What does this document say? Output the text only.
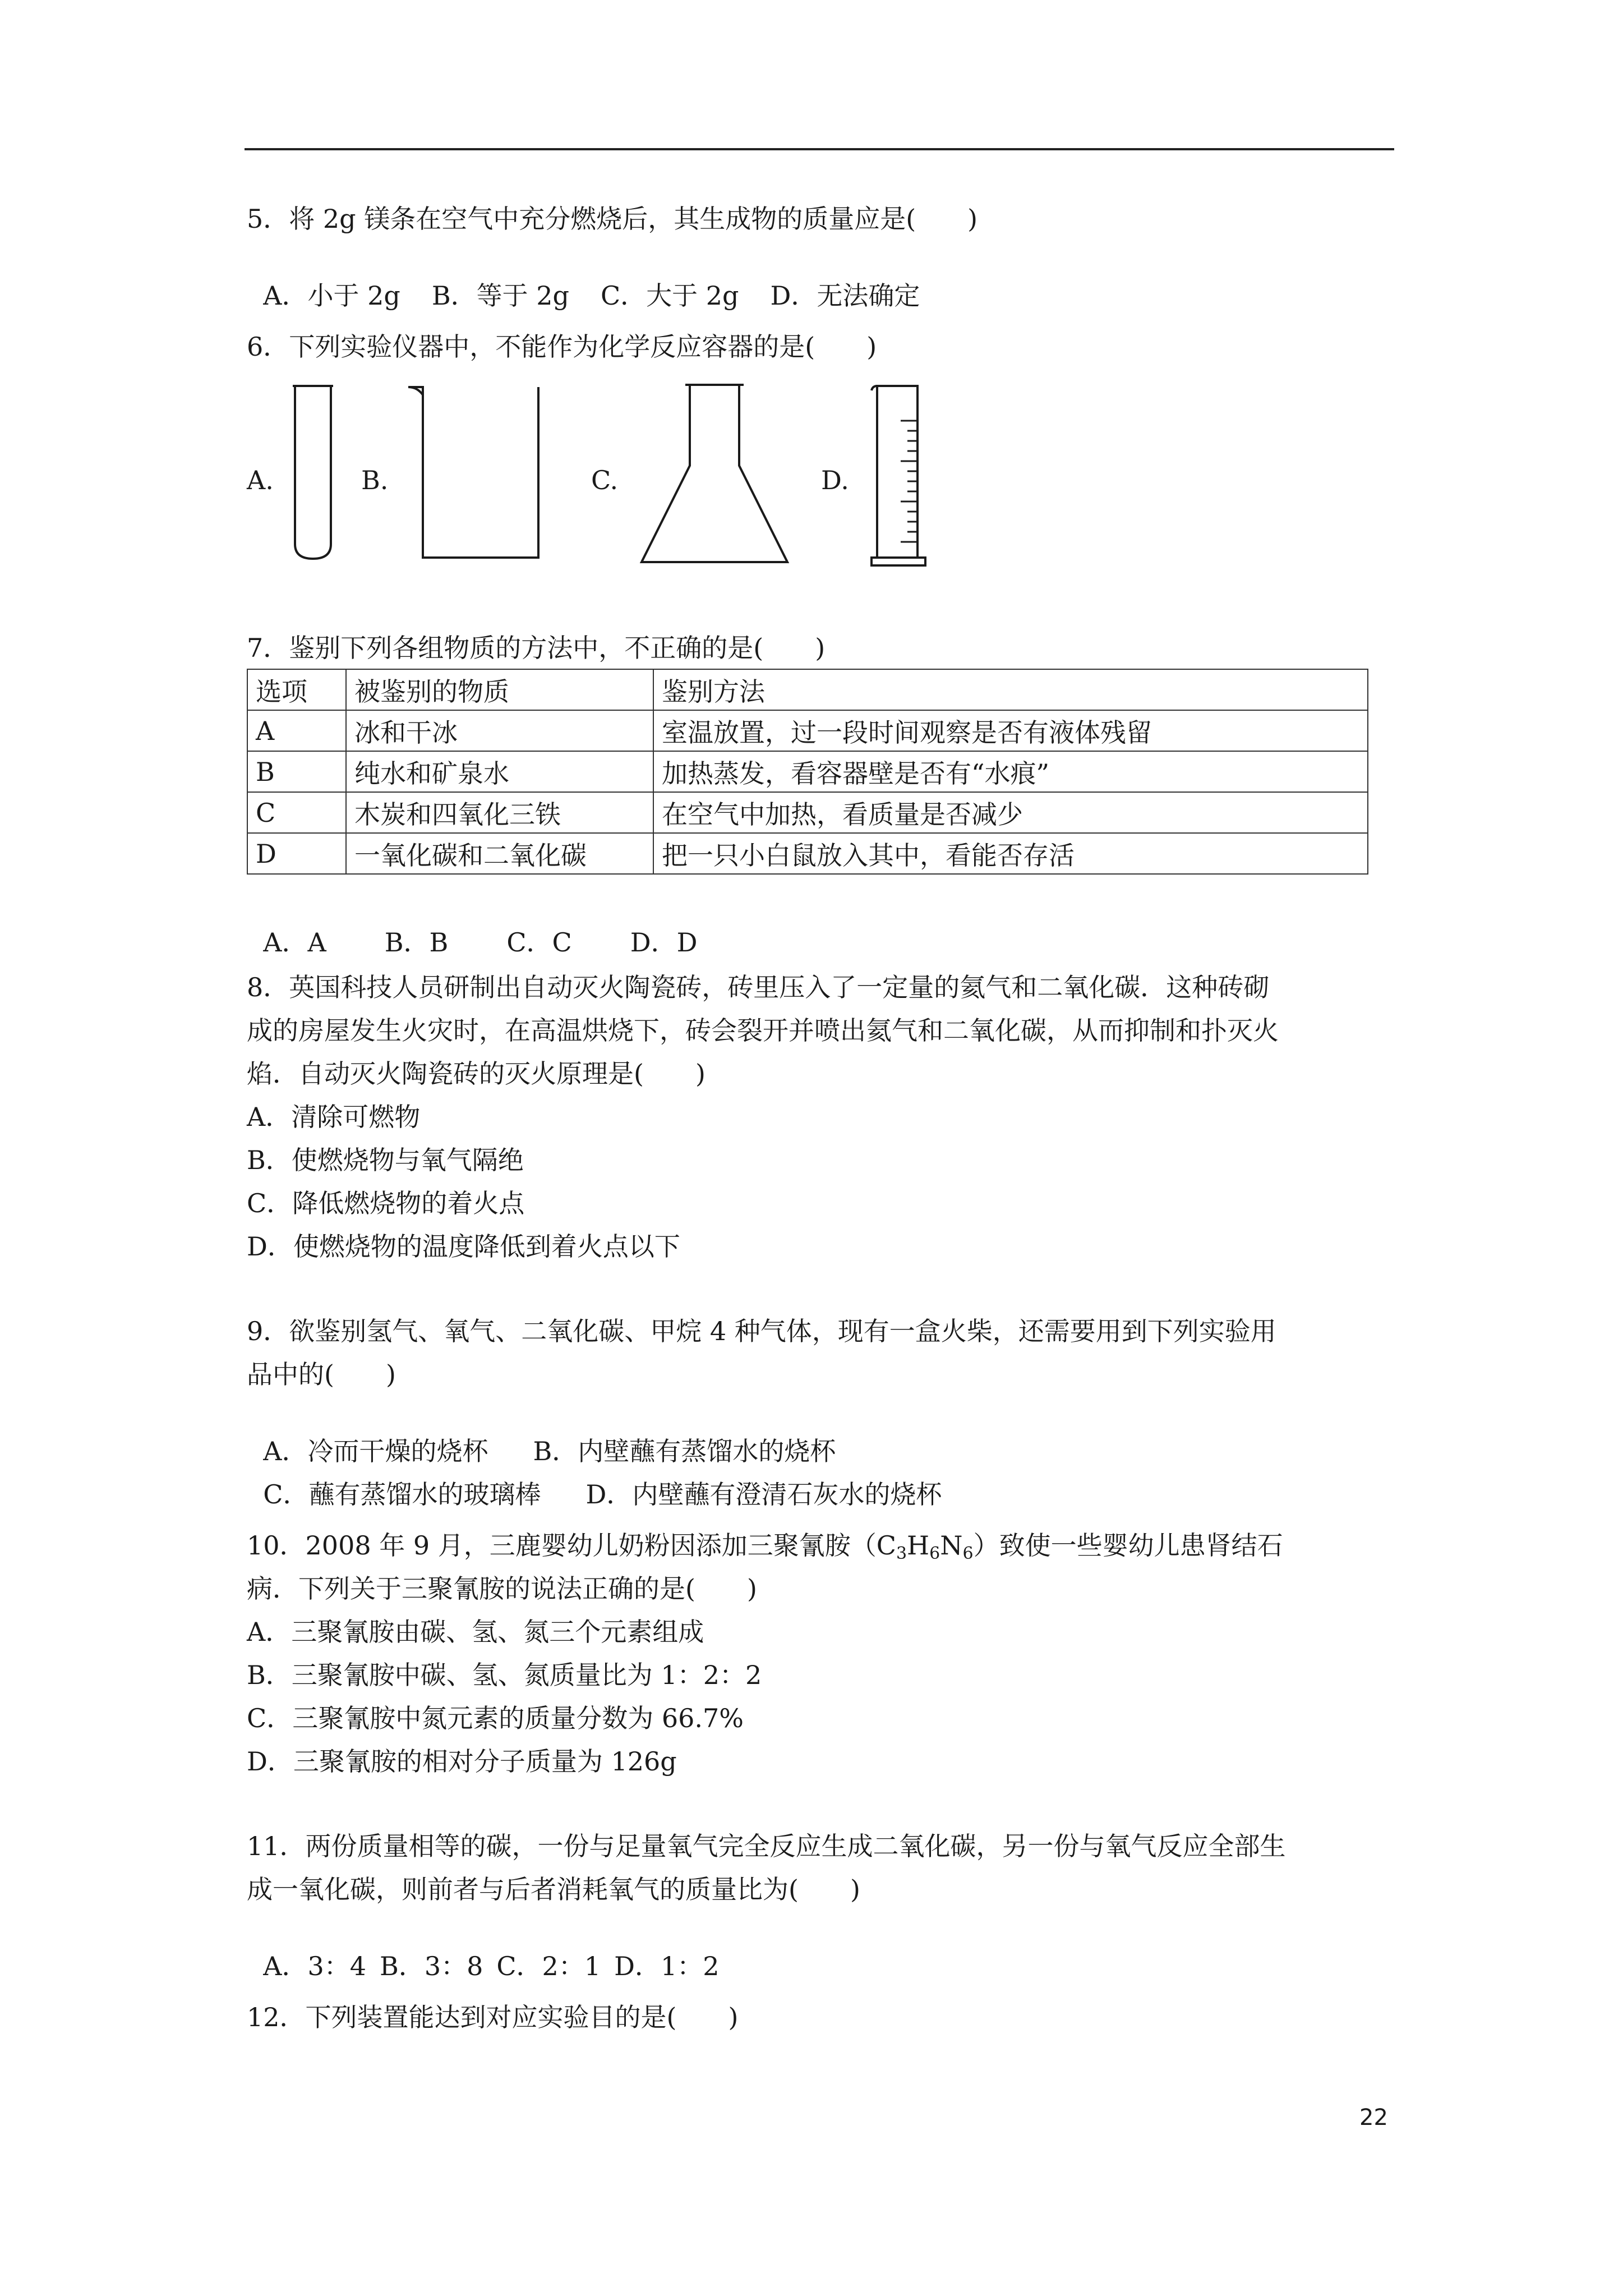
5．将 2g 镁条在空气中充分燃烧后，其生成物的质量应是(　　)

A．小于 2g B．等于 2g C．大于 2g D．无法确定

6．下列实验仪器中，不能作为化学反应容器的是(　　)
A.	B.	C.	D.
7．鉴别下列各组物质的方法中，不正确的是(　　)
选项	被鉴别的物质	鉴别方法
A	冰和干冰	室温放置，过一段时间观察是否有液体残留
B	纯水和矿泉水	加热蒸发，看容器壁是否有“水痕”
C	木炭和四氧化三铁	在空气中加热，看质量是否减少
D	一氧化碳和二氧化碳	把一只小白鼠放入其中，看能否存活

A．A B．B C．C D．D

8．英国科技人员研制出自动灭火陶瓷砖，砖里压入了一定量的氦气和二氧化碳．这种砖砌
成的房屋发生火灾时，在高温烘烧下，砖会裂开并喷出氦气和二氧化碳，从而抑制和扑灭火
焰．自动灭火陶瓷砖的灭火原理是(　　)
A．清除可燃物
B．使燃烧物与氧气隔绝
C．降低燃烧物的着火点
D．使燃烧物的温度降低到着火点以下
9．欲鉴别氢气、氧气、二氧化碳、甲烷 4 种气体，现有一盒火柴，还需要用到下列实验用
品中的(　　)

A．冷而干燥的烧杯 B．内壁蘸有蒸馏水的烧杯

C．蘸有蒸馏水的玻璃棒 D．内壁蘸有澄清石灰水的烧杯

10．2008 年 9 月，三鹿婴幼儿奶粉因添加三聚氰胺$(C_3H_6N_6)$致使一些婴幼儿患肾结石
病．下列关于三聚氰胺的说法正确的是(　　)
A．三聚氰胺由碳、氢、氮三个元素组成
B．三聚氰胺中碳、氢、氮质量比为 1：2：2
C．三聚氰胺中氮元素的质量分数为 66.7%
D．三聚氰胺的相对分子质量为 126g
11．两份质量相等的碳，一份与足量氧气完全反应生成二氧化碳，另一份与氧气反应全部生
成一氧化碳，则前者与后者消耗氧气的质量比为(　　)

A．3：4 B．3：8 C．2：1 D．1：2

12．下列装置能达到对应实验目的是(　　)
22
